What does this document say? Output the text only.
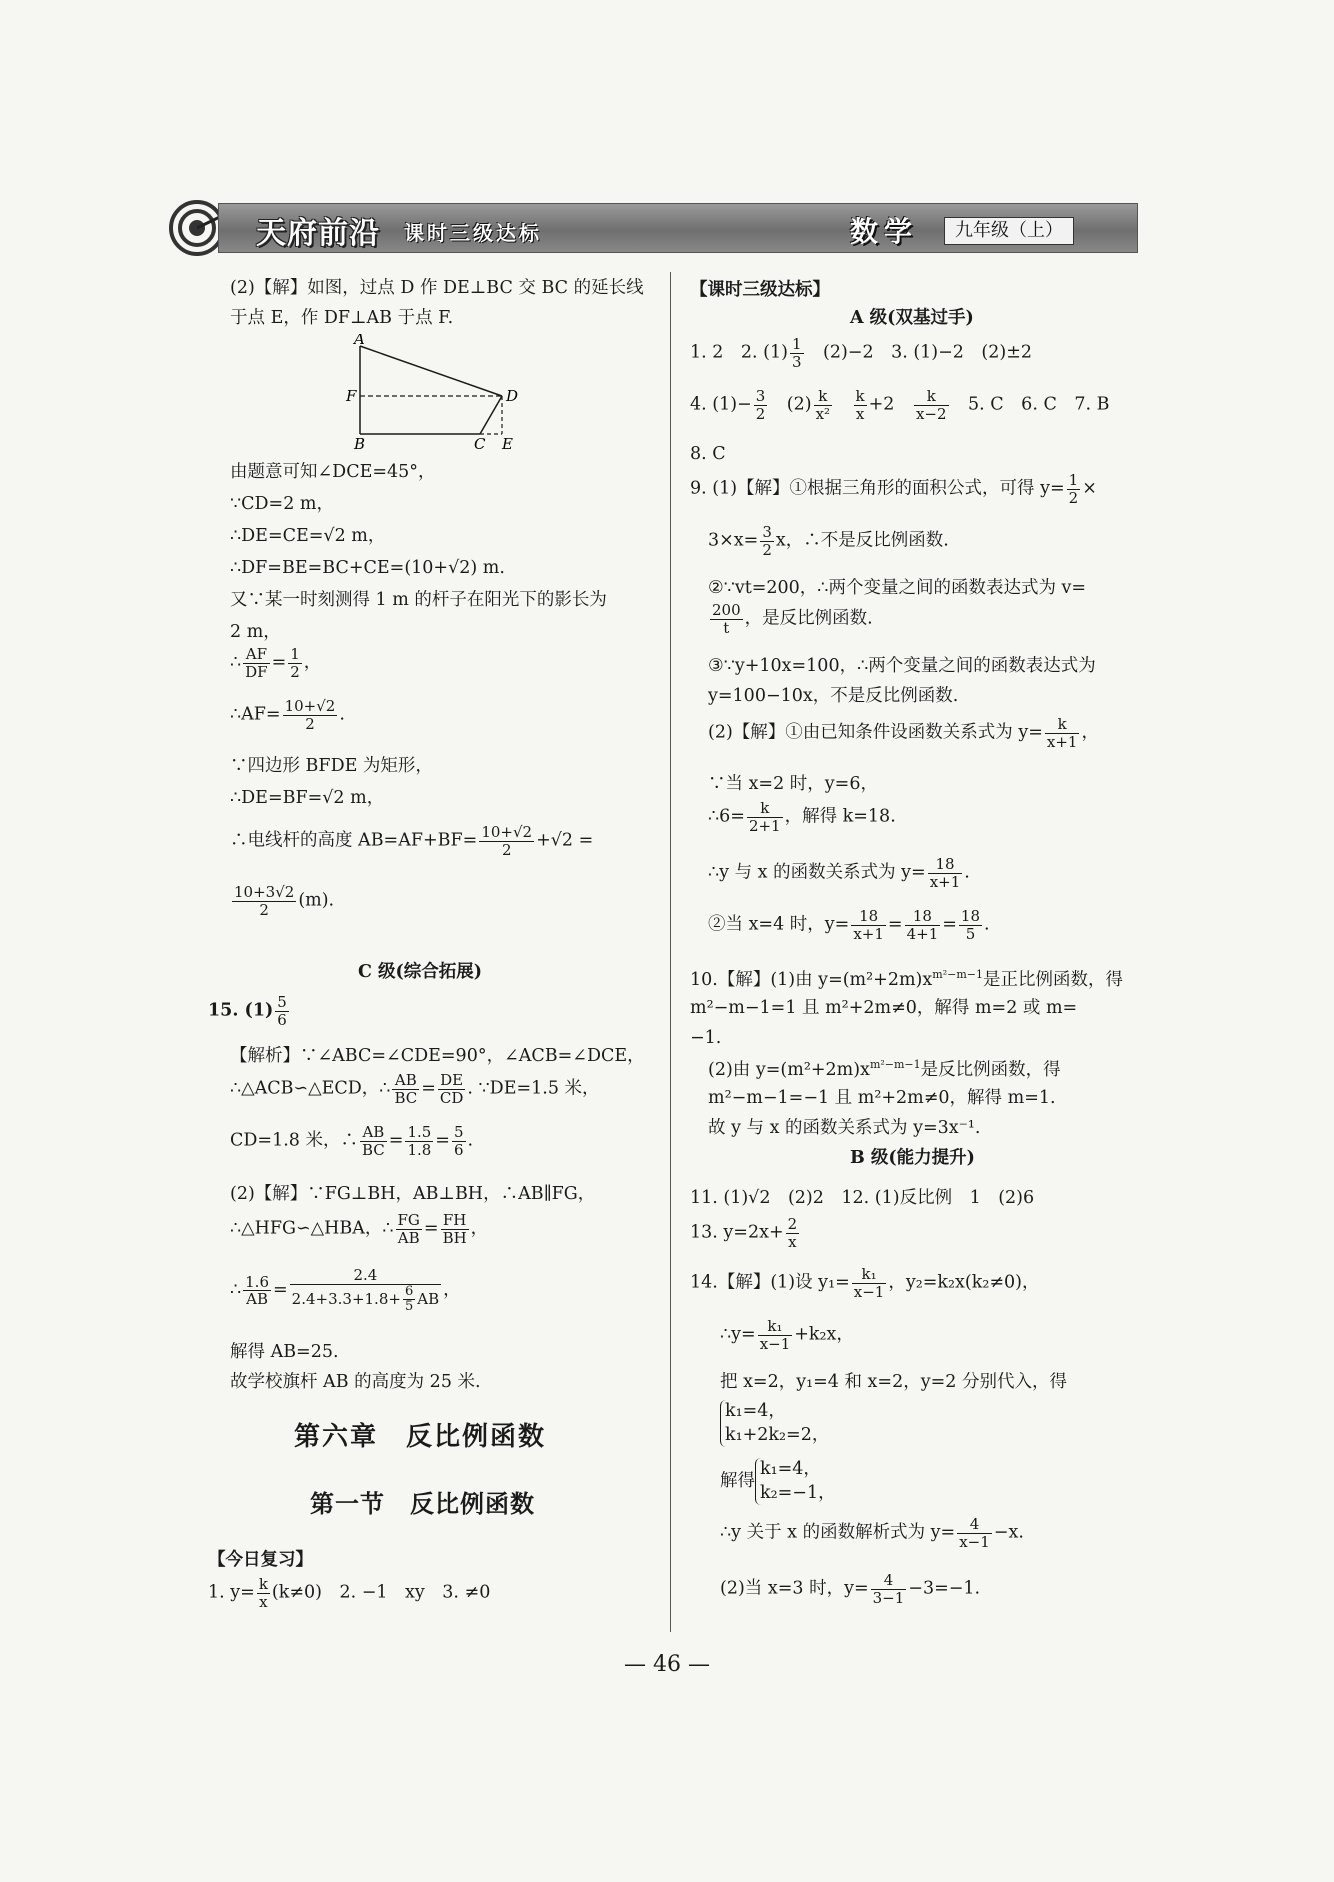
天府前沿 课时三级达标	数学	九年级（上）
(2)【解】如图，过点 D 作 DE⊥BC 交 BC 的延长线
于点 E，作 DF⊥AB 于点 F.
A
F
B	C
D
E
由题意可知∠DCE=45°，
∵CD=2 m，
∴DE=CE=√2 m，
∴DF=BE=BC+CE=(10+√2) m.
又∵某一时刻测得 1 m 的杆子在阳光下的影长为
2 m，
∴ $\frac{AF}{DF} = \frac{1}{2}$ ，
∴AF= $\frac{10+√2}{2}$ .
∵四边形 BFDE 为矩形，
∴DE=BF=√2 m，
∴电线杆的高度 $AB=AF+BF= \frac{10+√2}{2} +√2$ =
$\frac{10+3√2}{2} (m)$.
C 级(综合拓展)
15. $(1) \frac{5}{6}$
【解析】∵∠ABC=∠CDE=90°，∠ACB=∠DCE，
∴△ACB∽△ECD，∴ $\frac{AB}{BC} = \frac{DE}{CD}$ . ∵DE=1.5 米，
CD=1.8 米，∴ $\frac{AB}{BC} = \frac{1.5}{1.8} = \frac{5}{6}$ .
(2)【解】∵FG⊥BH，AB⊥BH，∴AB∥FG，
∴△HFG∽△HBA，∴ $\frac{FG}{AB} = \frac{FH}{BH}$ ，
∴ $\frac{1.6}{AB} = \frac{2.4}{2.4+3.3+1.8+ \frac{6}{5} AB}$ ，
解得 AB=25.
故学校旗杆 AB 的高度为 25 米.
第六章　反比例函数
第一节　反比例函数
【今日复习】
1. $y= \frac{k}{x} (k\ne 0)$　2. −1　xy　3. ≠0
【课时三级达标】
A 级(双基过手)
1. 2　2. $(1) \frac{1}{3}$ 　(2)−2　3. (1)−2　(2)±2
4. $(1)- \frac{3}{2}$ 　$(2) \frac{k}{\text{x²}}$
　 $\frac{k}{x} +2$　 $\frac{k}{x-2}$ 　5. C　6. C　7. B
8. C
9. (1)【解】①根据三角形的面积公式，可得 $y= \frac{1}{2}$ ×
$3\times x= \frac{3}{2}$ x，∴不是反比例函数.
②∵vt=200，∴两个变量之间的函数表达式为 v=
$\frac{200}{t}$ ，是反比例函数.
③∵y+10x=100，∴两个变量之间的函数表达式为
y=100−10x，不是反比例函数.
(2)【解】①由已知条件设函数关系式为 $y= \frac{k}{x+1}$ ，
∵当 x=2 时，y=6，
∴6= $\frac{k}{2+1}$ ，解得 k=18.
∴y 与 x 的函数关系式为 $y= \frac{18}{x+1}$ .
②当 x=4 时，$y= \frac{18}{x+1} = \frac{18}{4+1} = \frac{18}{5}$ .
10.【解】(1)由 $y=(m^2+2m)x^{m^2-m-1}$是正比例函数，得
m²−m−1=1 且 m²+2m≠0，解得 m=2 或 m=
−1.
(2)由 $y=(m^2+2m)x^{m^2-m-1}$是反比例函数，得
m²−m−1=−1 且 m²+2m≠0，解得 m=1.
故 y 与 x 的函数关系式为 y=3x⁻¹.
B 级(能力提升)
11. (1)√2　(2)2　12. (1)反比例　1　(2)6
13. $y=2x+ \frac{2}{x}$
14.【解】(1)设 $y_1= \frac{\text{k₁}}{x-1}$ ，y₂=k₂x(k₂≠0)，
∴y= $\frac{\text{k₁}}{x-1} +k_2x$，
把 x=2，y₁=4 和 x=2，y=2 分别代入，得
k₁=4，
k₁+2k₂=2，
解得k₁=4，
k₂=−1，
∴y 关于 x 的函数解析式为 $y= \frac{4}{x-1} -x$.
(2)当 x=3 时，$y= \frac{4}{3-1} -3=-1$.
— 46 —
